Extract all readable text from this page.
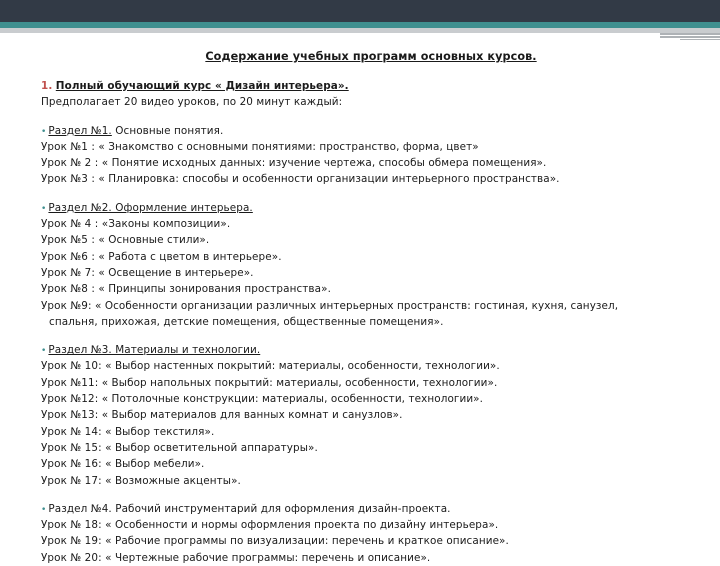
Содержание учебных программ основных курсов.
1. Полный обучающий курс « Дизайн интерьера».
Предполагает 20 видео уроков, по 20 минут каждый:
• Раздел №1. Основные понятия.
Урок №1 : « Знакомство с основными понятиями: пространство, форма, цвет»
Урок № 2 : « Понятие исходных данных: изучение чертежа, способы обмера помещения».
Урок №3 : « Планировка: способы и особенности организации интерьерного пространства».
• Раздел №2. Оформление интерьера.
Урок № 4 : «Законы композиции».
Урок №5 : « Основные стили».
Урок №6 : « Работа с цветом в интерьере».
Урок № 7: « Освещение в интерьере».
Урок №8 : « Принципы зонирования пространства».
Урок №9: « Особенности организации различных интерьерных пространств: гостиная, кухня, санузел,
спальня, прихожая, детские помещения, общественные помещения».
• Раздел №3. Материалы и технологии.
Урок № 10: « Выбор настенных покрытий: материалы, особенности, технологии».
Урок №11: « Выбор напольных покрытий: материалы, особенности, технологии».
Урок №12: « Потолочные конструкции: материалы, особенности, технологии».
Урок №13: « Выбор материалов для ванных комнат и санузлов».
Урок № 14: « Выбор текстиля».
Урок № 15: « Выбор осветительной аппаратуры».
Урок № 16: « Выбор мебели».
Урок № 17: « Возможные акценты».
• Раздел №4. Рабочий инструментарий для оформления дизайн-проекта.
Урок № 18: « Особенности и нормы оформления проекта по дизайну интерьера».
Урок № 19: « Рабочие программы по визуализации: перечень и краткое описание».
Урок № 20: « Чертежные рабочие программы: перечень и описание».
